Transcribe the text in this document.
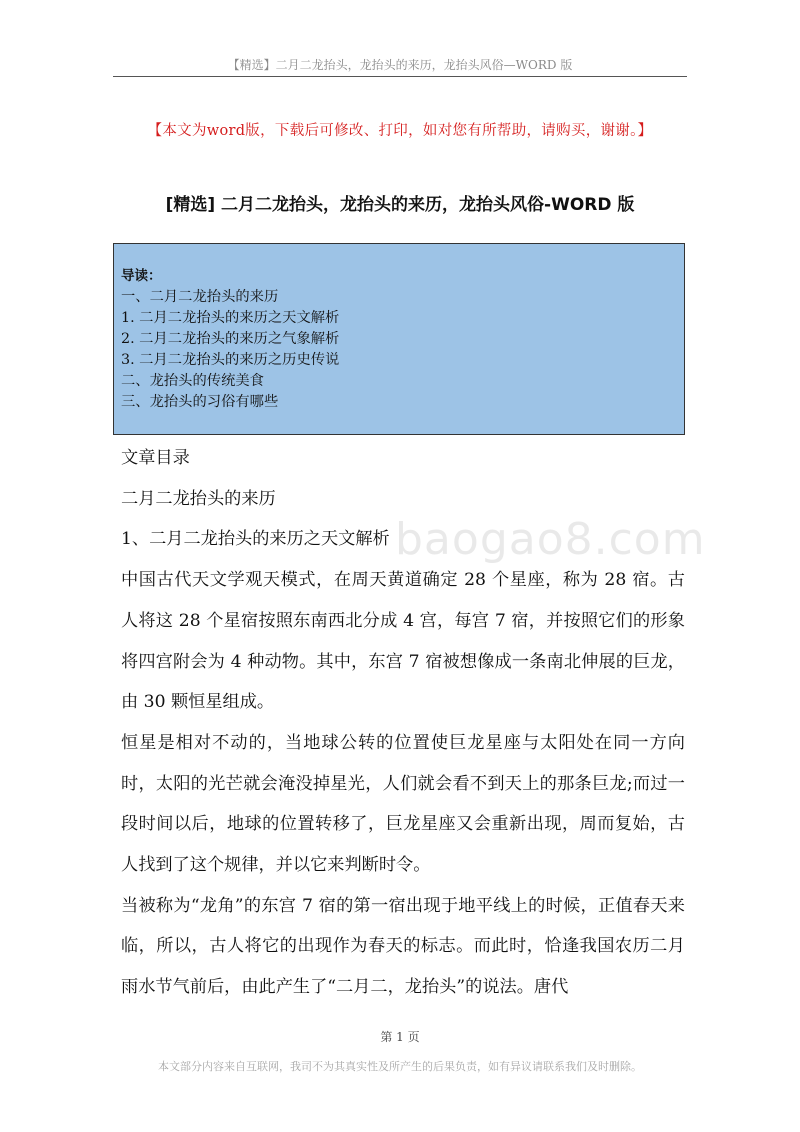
【精选】二月二龙抬头，龙抬头的来历，龙抬头风俗—WORD 版
【本文为word版，下载后可修改、打印，如对您有所帮助，请购买，谢谢。】
[精选] 二月二龙抬头，龙抬头的来历，龙抬头风俗-WORD 版
导读：
一、二月二龙抬头的来历
1. 二月二龙抬头的来历之天文解析
2. 二月二龙抬头的来历之气象解析
3. 二月二龙抬头的来历之历史传说
二、龙抬头的传统美食
三、龙抬头的习俗有哪些
baogao8.com

文章目录

二月二龙抬头的来历

1、二月二龙抬头的来历之天文解析

中国古代天文学观天模式，在周天黄道确定 28 个星座，称为 28 宿。古人将这 28 个星宿按照东南西北分成 4 宫，每宫 7 宿，并按照它们的形象将四宫附会为 4 种动物。其中，东宫 7 宿被想像成一条南北伸展的巨龙，由 30 颗恒星组成。

恒星是相对不动的，当地球公转的位置使巨龙星座与太阳处在同一方向时，太阳的光芒就会淹没掉星光，人们就会看不到天上的那条巨龙;而过一段时间以后，地球的位置转移了，巨龙星座又会重新出现，周而复始，古人找到了这个规律，并以它来判断时令。

当被称为“龙角”的东宫 7 宿的第一宿出现于地平线上的时候，正值春天来临，所以，古人将它的出现作为春天的标志。而此时，恰逢我国农历二月雨水节气前后，由此产生了“二月二，龙抬头”的说法。唐代

第 1 页
本文部分内容来自互联网，我司不为其真实性及所产生的后果负责，如有异议请联系我们及时删除。
